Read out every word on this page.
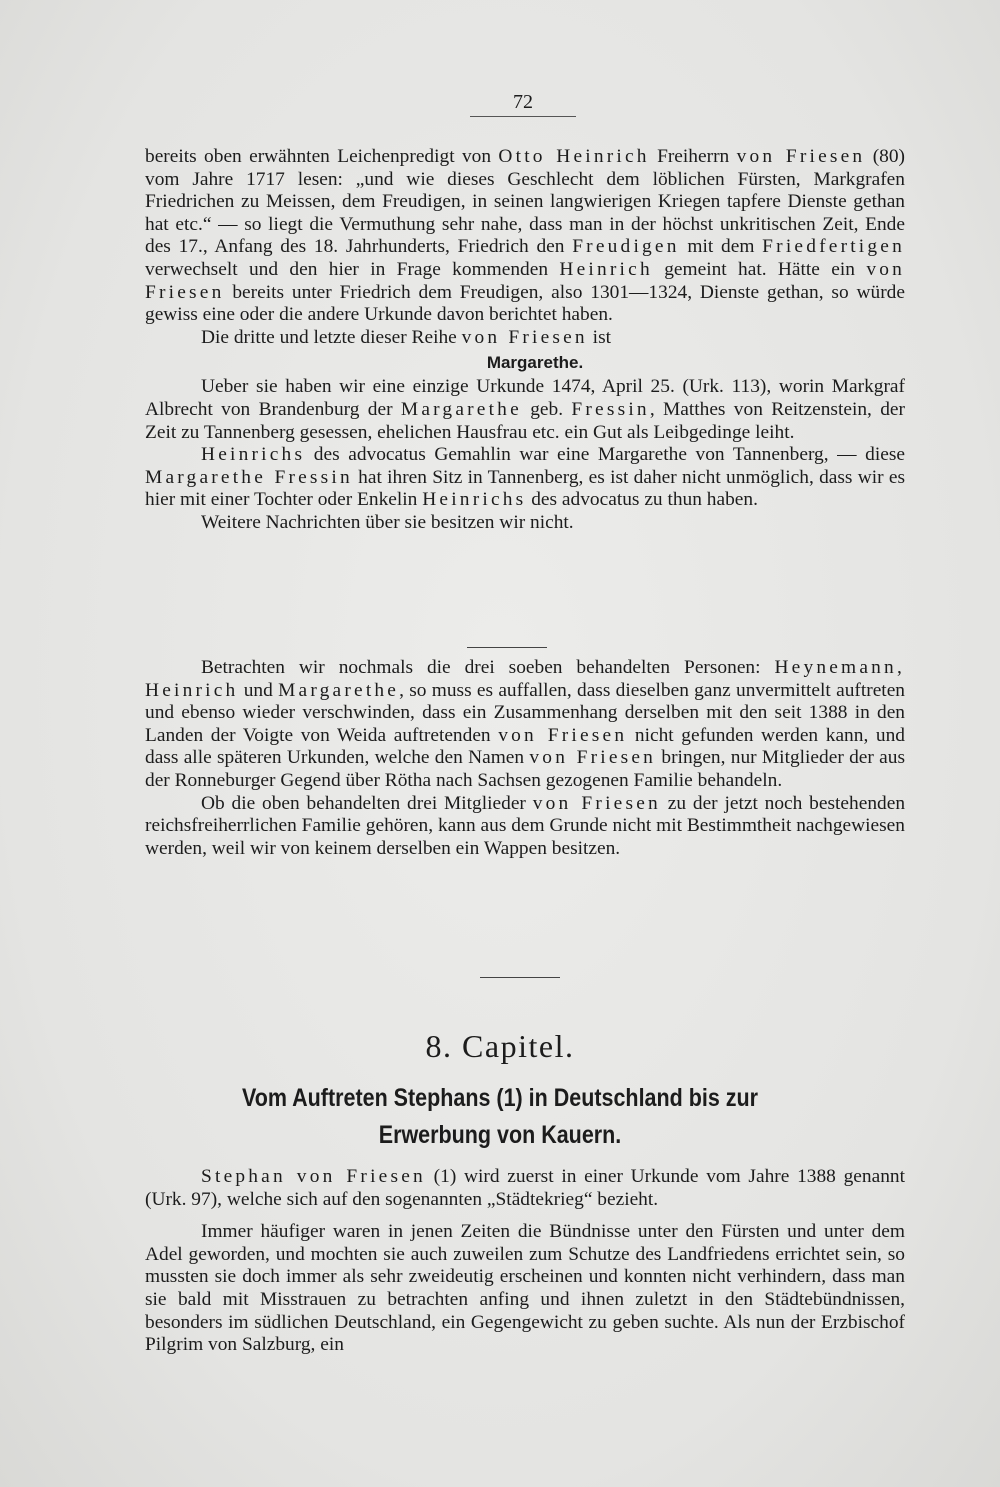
72

bereits oben erwähnten Leichenpredigt von Otto Heinrich Freiherrn von Friesen (80) vom Jahre 1717 lesen: „und wie dieses Geschlecht dem löblichen Fürsten, Markgrafen Friedrichen zu Meissen, dem Freudigen, in seinen langwierigen Kriegen tapfere Dienste gethan hat etc.“ — so liegt die Vermuthung sehr nahe, dass man in der höchst unkritischen Zeit, Ende des 17., Anfang des 18. Jahrhunderts, Friedrich den Freudigen mit dem Friedfertigen verwechselt und den hier in Frage kommenden Heinrich gemeint hat. Hätte ein von Friesen bereits unter Friedrich dem Freudigen, also 1301—1324, Dienste gethan, so würde gewiss eine oder die andere Urkunde davon berichtet haben.

Die dritte und letzte dieser Reihe von Friesen ist

Margarethe.

Ueber sie haben wir eine einzige Urkunde 1474, April 25. (Urk. 113), worin Markgraf Albrecht von Brandenburg der Margarethe geb. Fressin, Matthes von Reitzenstein, der Zeit zu Tannenberg gesessen, ehelichen Hausfrau etc. ein Gut als Leibgedinge leiht.

Heinrichs des advocatus Gemahlin war eine Margarethe von Tannenberg, — diese Margarethe Fressin hat ihren Sitz in Tannenberg, es ist daher nicht unmöglich, dass wir es hier mit einer Tochter oder Enkelin Heinrichs des advocatus zu thun haben.

Weitere Nachrichten über sie besitzen wir nicht.

Betrachten wir nochmals die drei soeben behandelten Personen: Heynemann, Heinrich und Margarethe, so muss es auffallen, dass dieselben ganz unvermittelt auftreten und ebenso wieder verschwinden, dass ein Zusammenhang derselben mit den seit 1388 in den Landen der Voigte von Weida auftretenden von Friesen nicht gefunden werden kann, und dass alle späteren Urkunden, welche den Namen von Friesen bringen, nur Mitglieder der aus der Ronneburger Gegend über Rötha nach Sachsen gezogenen Familie behandeln.

Ob die oben behandelten drei Mitglieder von Friesen zu der jetzt noch bestehenden reichsfreiherrlichen Familie gehören, kann aus dem Grunde nicht mit Bestimmtheit nachgewiesen werden, weil wir von keinem derselben ein Wappen besitzen.

8. Capitel.
Vom Auftreten Stephans (1) in Deutschland bis zur
Erwerbung von Kauern.

Stephan von Friesen (1) wird zuerst in einer Urkunde vom Jahre 1388 genannt (Urk. 97), welche sich auf den sogenannten „Städtekrieg“ bezieht.

Immer häufiger waren in jenen Zeiten die Bündnisse unter den Fürsten und unter dem Adel geworden, und mochten sie auch zuweilen zum Schutze des Landfriedens errichtet sein, so mussten sie doch immer als sehr zweideutig erscheinen und konnten nicht verhindern, dass man sie bald mit Misstrauen zu betrachten anfing und ihnen zuletzt in den Städtebündnissen, besonders im südlichen Deutschland, ein Gegengewicht zu geben suchte. Als nun der Erzbischof Pilgrim von Salzburg, ein
